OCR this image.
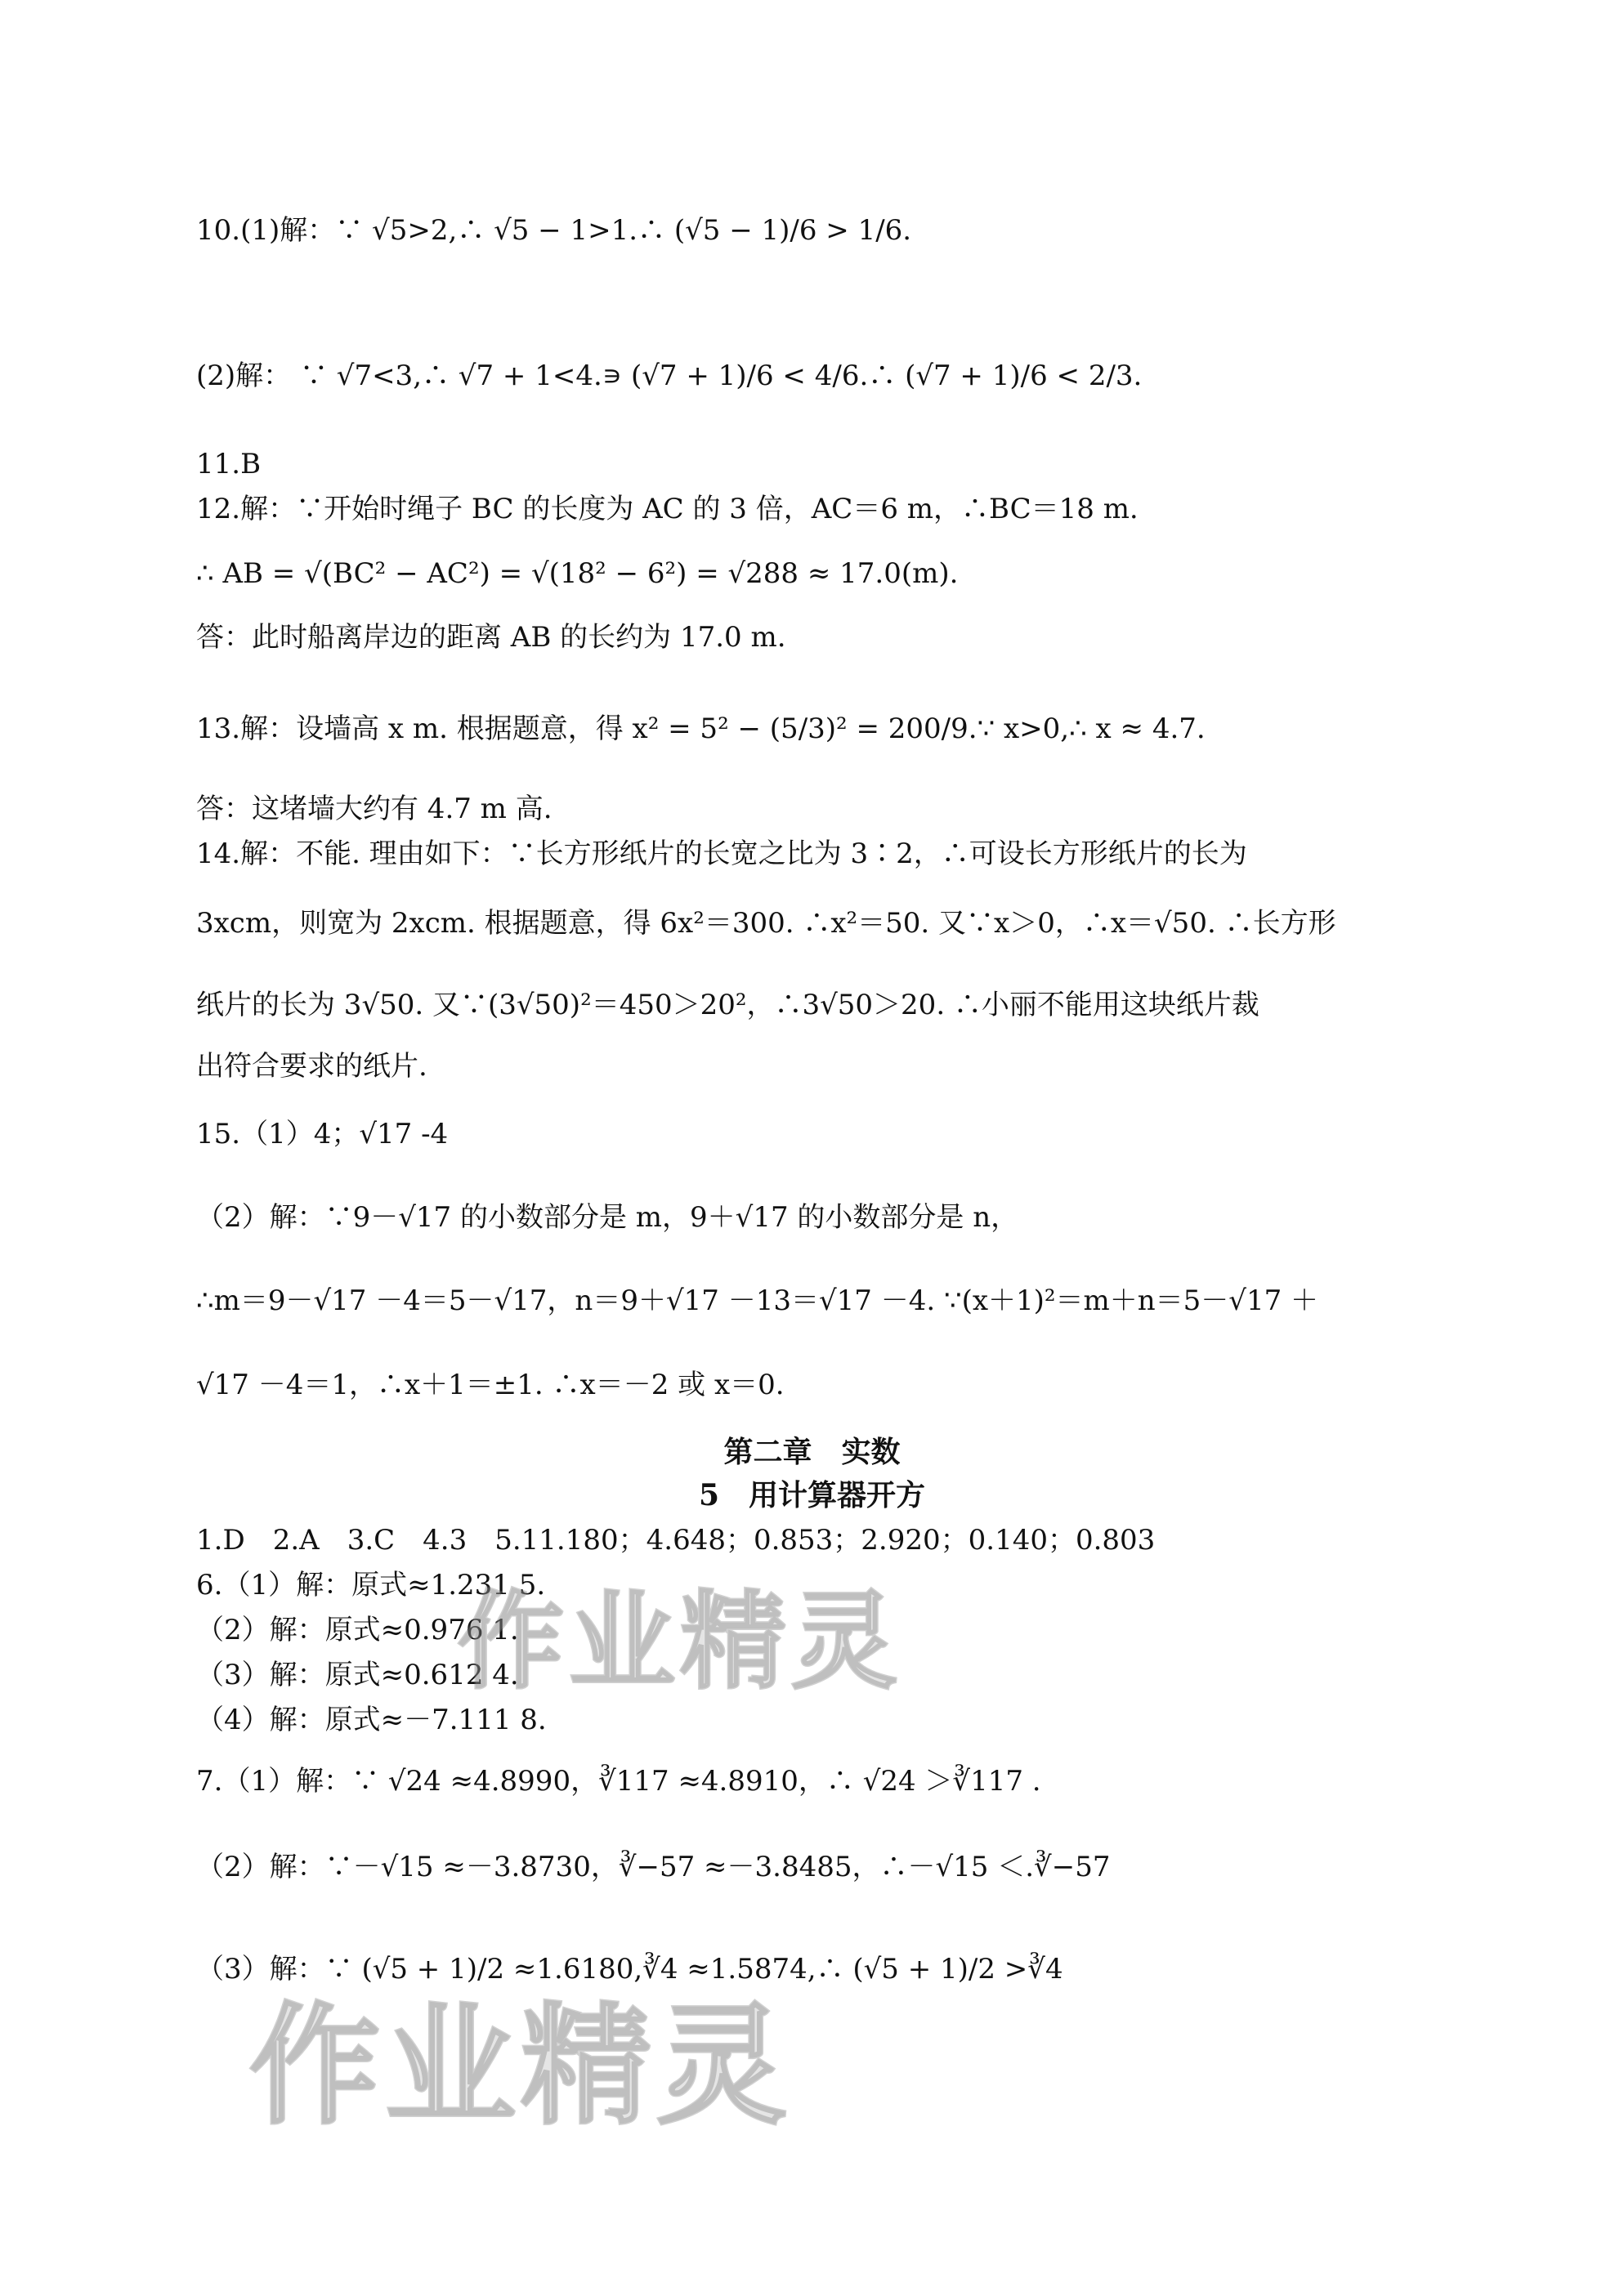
10.(1)解：∵ √5>2,∴ √5 − 1>1.∴ (√5 − 1)/6 > 1/6.
(2)解： ∵ √7<3,∴ √7 + 1<4.∍ (√7 + 1)/6 < 4/6.∴ (√7 + 1)/6 < 2/3.
11.B
12.解：∵开始时绳子 BC 的长度为 AC 的 3 倍，AC＝6 m，∴BC＝18 m.
∴ AB = √(BC² − AC²) = √(18² − 6²) = √288 ≈ 17.0(m).
答：此时船离岸边的距离 AB 的长约为 17.0 m.
13.解：设墙高 x m. 根据题意，得 x² = 5² − (5/3)² = 200/9.∵ x>0,∴ x ≈ 4.7.
答：这堵墙大约有 4.7 m 高.
14.解：不能. 理由如下：∵长方形纸片的长宽之比为 3∶2，∴可设长方形纸片的长为
3xcm，则宽为 2xcm. 根据题意，得 6x²＝300. ∴x²＝50. 又∵x＞0，∴x＝√50. ∴长方形
纸片的长为 3√50. 又∵(3√50)²＝450＞20²，∴3√50＞20. ∴小丽不能用这块纸片裁
出符合要求的纸片.
15.（1）4；√17 -4
（2）解：∵9－√17 的小数部分是 m，9＋√17 的小数部分是 n，
∴m＝9－√17 －4＝5－√17，n＝9＋√17 －13＝√17 －4. ∵(x＋1)²＝m＋n＝5－√17 ＋
√17 －4＝1，∴x＋1＝±1. ∴x＝－2 或 x＝0.
第二章　实数
5　用计算器开方
1.D　2.A　3.C　4.3　5.11.180；4.648；0.853；2.920；0.140；0.803
6.（1）解：原式≈1.231 5.
（2）解：原式≈0.976 1.
（3）解：原式≈0.612 4.
（4）解：原式≈－7.111 8.
7.（1）解：∵ √24 ≈4.8990，∛117 ≈4.8910，∴ √24 ＞∛117 .
（2）解：∵－√15 ≈－3.8730，∛−57 ≈－3.8485，∴－√15 ＜.∛−57
（3）解：∵ (√5 + 1)/2 ≈1.6180,∛4 ≈1.5874,∴ (√5 + 1)/2 >∛4
作业精灵
作业精灵
